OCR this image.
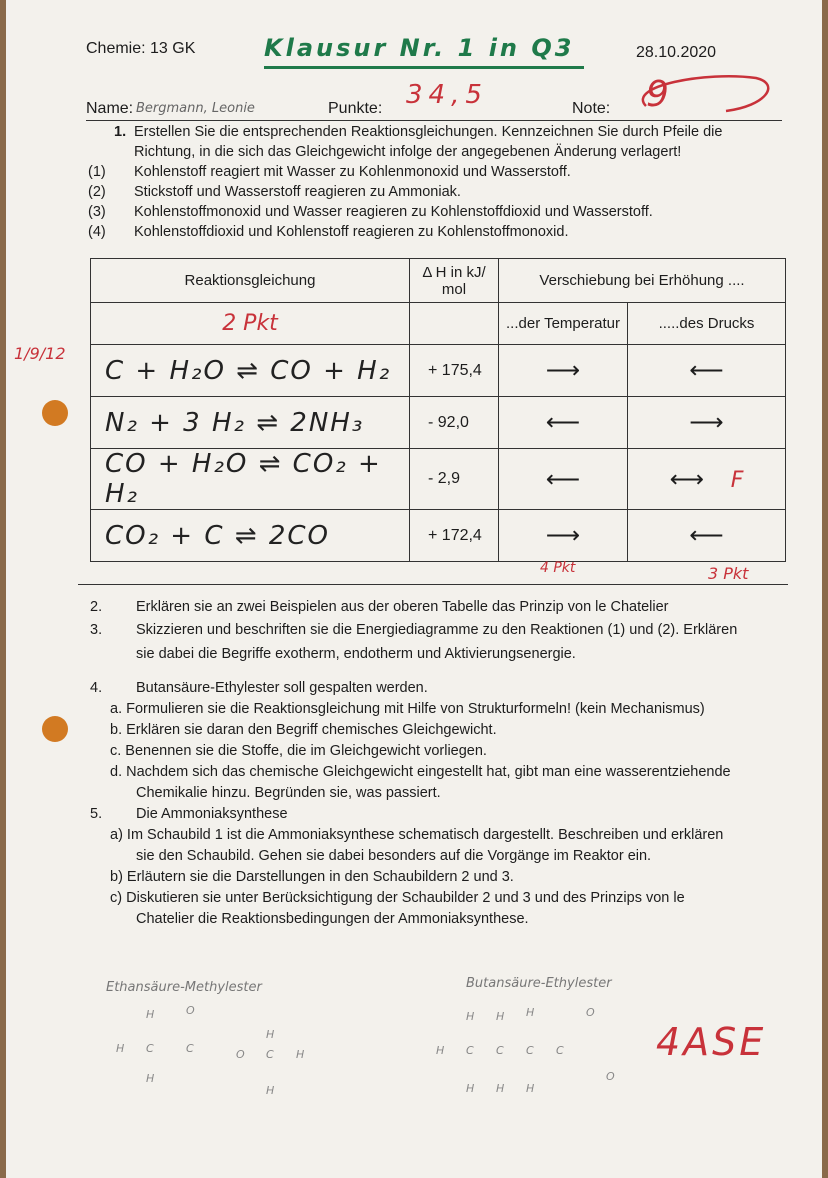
Chemie: 13 GK	Klausur Nr. 1 in Q3	28.10.2020
Name: Bergmann, Leonie	Punkte: 34,5	Note: 9
1. Erstellen Sie die entsprechenden Reaktionsgleichungen. Kennzeichnen Sie durch Pfeile die
Richtung, in die sich das Gleichgewicht infolge der angegebenen Änderung verlagert!
(1) Kohlenstoff reagiert mit Wasser zu Kohlenmonoxid und Wasserstoff.
(2) Stickstoff und Wasserstoff reagieren zu Ammoniak.
(3) Kohlenstoffmonoxid und Wasser reagieren zu Kohlenstoffdioxid und Wasserstoff.
(4) Kohlenstoffdioxid und Kohlenstoff reagieren zu Kohlenstoffmonoxid.
1/9/12
Reaktionsgleichung	Δ H in kJ/ mol	Verschiebung bei Erhöhung ....	
2 Pkt		...der Temperatur	.....des Drucks
C + H₂O ⇌ CO + H₂	+ 175,4	⟶	⟵
N₂ + 3 H₂ ⇌ 2NH₃	- 92,0	⟵	⟶
CO + H₂O ⇌ CO₂ + H₂	- 2,9	⟵	⟷ F
CO₂ + C ⇌ 2CO	+ 172,4	⟶	⟵
4 Pkt	3 Pkt
2. Erklären sie an zwei Beispielen aus der oberen Tabelle das Prinzip von le Chatelier
3. Skizzieren und beschriften sie die Energiediagramme zu den Reaktionen (1) und (2). Erklären
sie dabei die Begriffe exotherm, endotherm und Aktivierungsenergie.
4. Butansäure-Ethylester soll gespalten werden.
a. Formulieren sie die Reaktionsgleichung mit Hilfe von Strukturformeln! (kein Mechanismus)
b. Erklären sie daran den Begriff chemisches Gleichgewicht.
c. Benennen sie die Stoffe, die im Gleichgewicht vorliegen.
d. Nachdem sich das chemische Gleichgewicht eingestellt hat, gibt man eine wasserentziehende
Chemikalie hinzu. Begründen sie, was passiert.
5. Die Ammoniaksynthese
a) Im Schaubild 1 ist die Ammoniaksynthese schematisch dargestellt. Beschreiben und erklären
sie den Schaubild. Gehen sie dabei besonders auf die Vorgänge im Reaktor ein.
b) Erläutern sie die Darstellungen in den Schaubildern 2 und 3.
c) Diskutieren sie unter Berücksichtigung der Schaubilder 2 und 3 und des Prinzips von le
Chatelier die Reaktionsbedingungen der Ammoniaksynthese.
Ethansäure-Methylester	Butansäure-Ethylester
H	O
H C	C	O C H
H
H
H
H C C C C
H H H	O
H H H
O
4ASE
